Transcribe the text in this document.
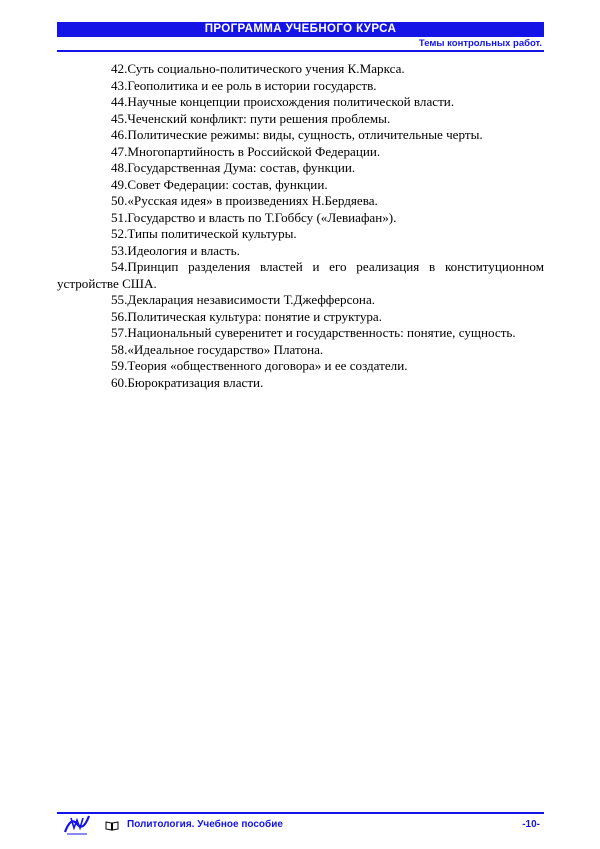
ПРОГРАММА УЧЕБНОГО КУРСА
Темы контрольных работ.

42.Суть социально-политического учения К.Маркса.

43.Геополитика и ее роль в истории государств.

44.Научные концепции происхождения политической власти.

45.Чеченский конфликт: пути решения проблемы.

46.Политические режимы: виды, сущность, отличительные черты.

47.Многопартийность в Российской Федерации.

48.Государственная Дума: состав, функции.

49.Совет Федерации: состав, функции.

50.«Русская идея» в произведениях Н.Бердяева.

51.Государство и власть по Т.Гоббсу («Левиафан»).

52.Типы политической культуры.

53.Идеология и власть.

54.Принцип разделения властей и его реализация в конституционном устройстве США.

55.Декларация независимости Т.Джефферсона.

56.Политическая культура: понятие и структура.

57.Национальный суверенитет и государственность: понятие, сущность.

58.«Идеальное государство» Платона.

59.Теория «общественного договора» и ее создатели.

60.Бюрократизация власти.

Политология. Учебное пособие	-10-
